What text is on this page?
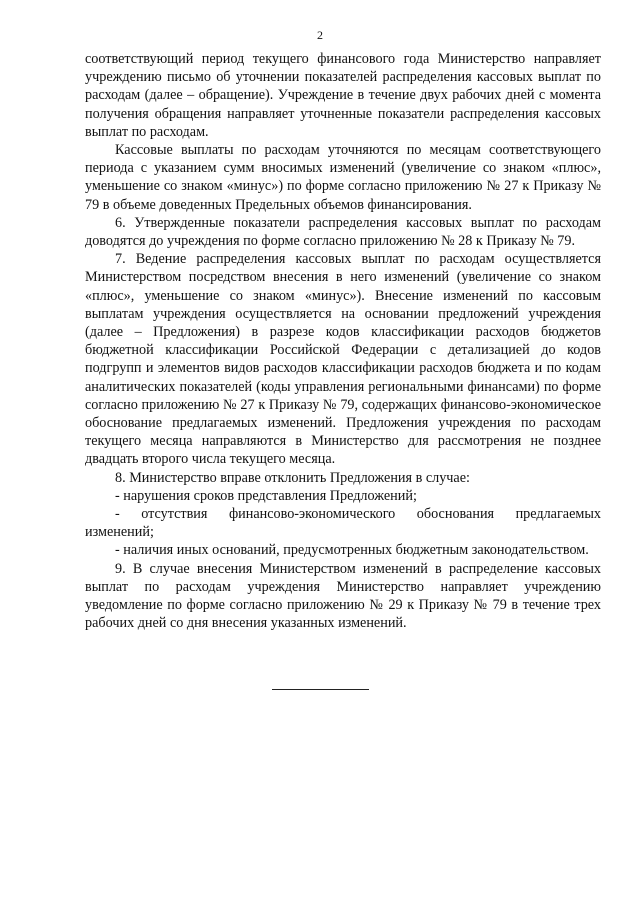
2

соответствующий период текущего финансового года Министерство направляет учреждению письмо об уточнении показателей распределения кассовых выплат по расходам (далее – обращение). Учреждение в течение двух рабочих дней с момента получения обращения направляет уточненные показатели распределения кассовых выплат по расходам.

Кассовые выплаты по расходам уточняются по месяцам соответствующего периода с указанием сумм вносимых изменений (увеличение со знаком «плюс», уменьшение со знаком «минус») по форме согласно приложению № 27 к Приказу № 79 в объеме доведенных Предельных объемов финансирования.

6. Утвержденные показатели распределения кассовых выплат по расходам доводятся до учреждения по форме согласно приложению № 28 к Приказу № 79.

7. Ведение распределения кассовых выплат по расходам осуществляется Министерством посредством внесения в него изменений (увеличение со знаком «плюс», уменьшение со знаком «минус»). Внесение изменений по кассовым выплатам учреждения осуществляется на основании предложений учреждения (далее – Предложения) в разрезе кодов классификации расходов бюджетов бюджетной классификации Российской Федерации с детализацией до кодов подгрупп и элементов видов расходов классификации расходов бюджета и по кодам аналитических показателей (коды управления региональными финансами) по форме согласно приложению № 27 к Приказу № 79, содержащих финансово-экономическое обоснование предлагаемых изменений. Предложения учреждения по расходам текущего месяца направляются в Министерство для рассмотрения не позднее двадцать второго числа текущего месяца.

8. Министерство вправе отклонить Предложения в случае:

- нарушения сроков представления Предложений;

- отсутствия финансово-экономического обоснования предлагаемых изменений;

- наличия иных оснований, предусмотренных бюджетным законодательством.

9. В случае внесения Министерством изменений в распределение кассовых выплат по расходам учреждения Министерство направляет учреждению уведомление по форме согласно приложению № 29 к Приказу № 79 в течение трех рабочих дней со дня внесения указанных изменений.
